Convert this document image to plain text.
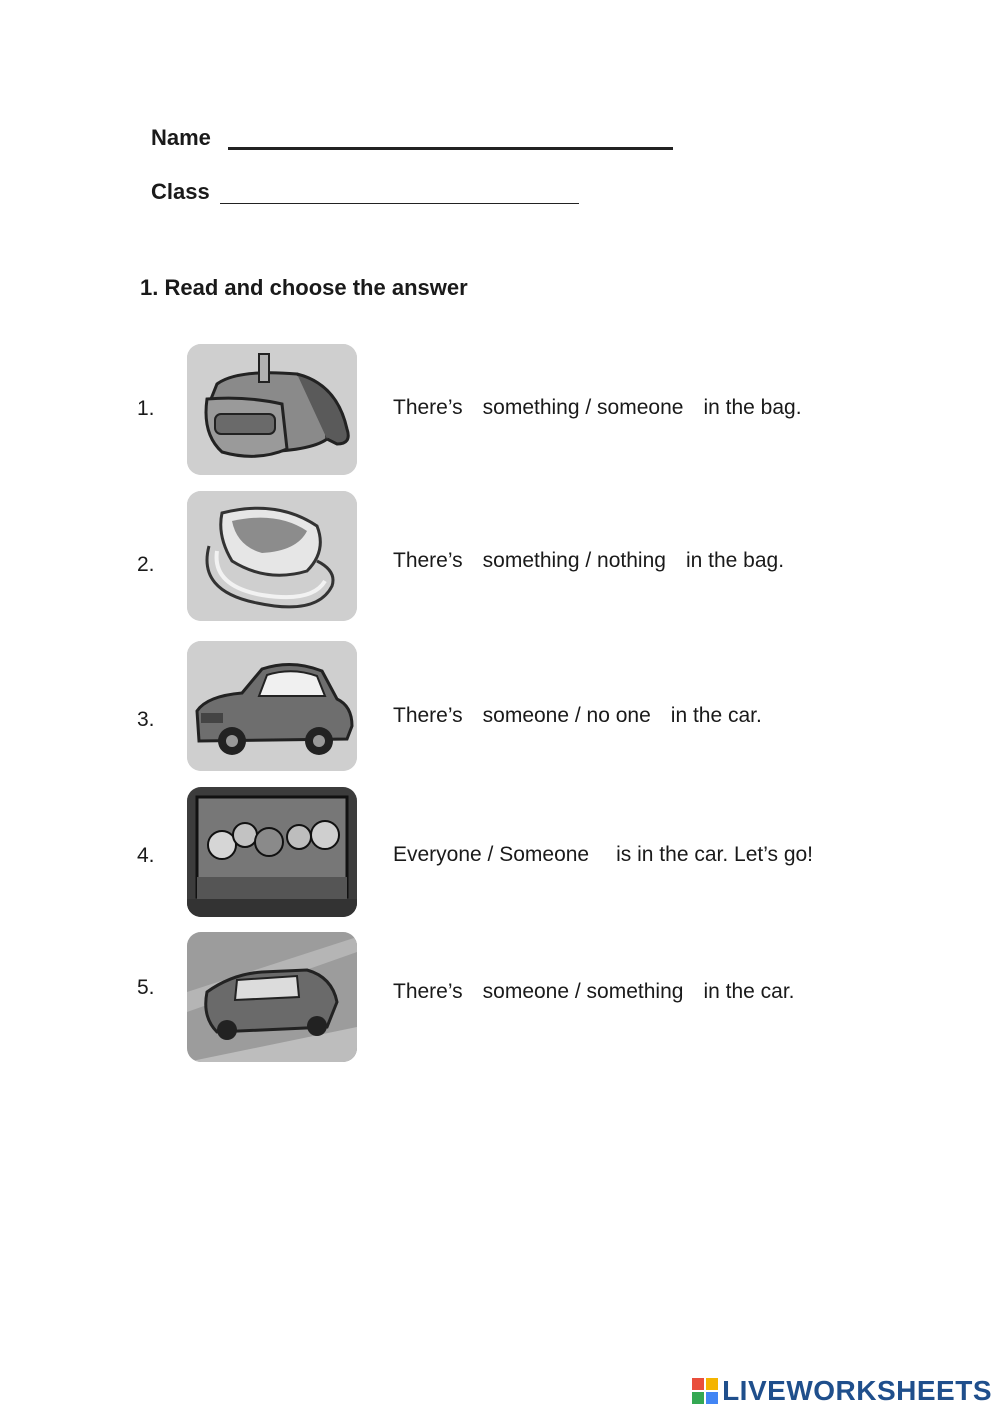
Name
Class
1. Read and choose the answer
1.	There’s something / someone in the bag.
2.	There’s something / nothing in the bag.
3.	There’s someone / no one in the car.
4.	Everyone / Someone is in the car. Let’s go!
5.	There’s someone / something in the car.
LIVEWORKSHEETS
